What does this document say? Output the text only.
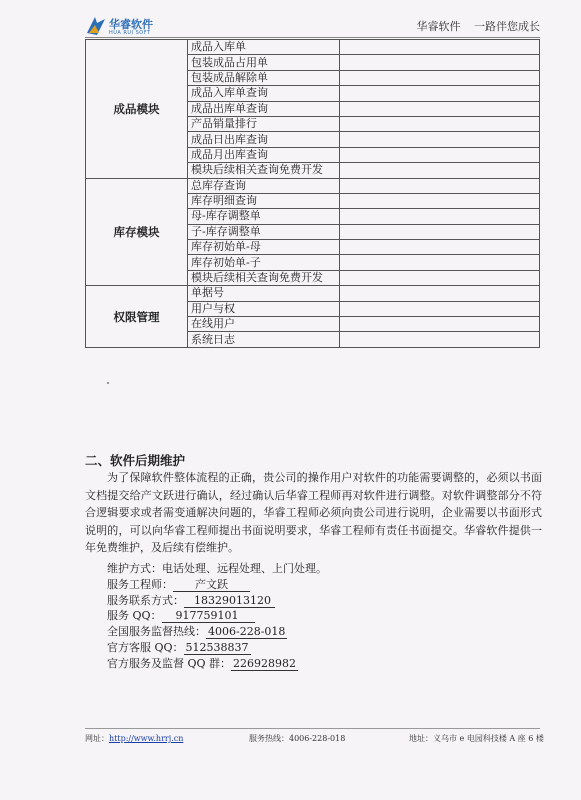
华睿软件
HUA RUI SOFT	华睿软件 一路伴您成长
成品模块	成品入库单	
	包装成品占用单	
	包装成品解除单	
	成品入库单查询	
	成品出库单查询	
	产品销量排行	
	成品日出库查询	
	成品月出库查询	
	模块后续相关查询免费开发	
库存模块	总库存查询	
	库存明细查询	
	母-库存调整单	
	子-库存调整单	
	库存初始单-母	
	库存初始单-子	
	模块后续相关查询免费开发	
权限管理	单据号	
	用户与权	
	在线用户	
	系统日志	
二、软件后期维护
为了保障软件整体流程的正确，贵公司的操作用户对软件的功能需要调整的，必须以书面文档提交给产文跃进行确认，经过确认后华睿工程师再对软件进行调整。对软件调整部分不符合逻辑要求或者需变通解决问题的，华睿工程师必须向贵公司进行说明，企业需要以书面形式说明的，可以向华睿工程师提出书面说明要求，华睿工程师有责任书面提交。华睿软件提供一年免费维护，及后续有偿维护。
维护方式：电话处理、远程处理、上门处理。
服务工程师： 产文跃
服务联系方式： 18329013120
服务 QQ： 917759101
全国服务监督热线： 4006-228-018
官方客服 QQ： 512538837
官方服务及监督 QQ 群： 226928982
网址：http://www.hrrj.cn	服务热线：4006-228-018	地址：义乌市 e 电园科技楼 A 座 6 楼
